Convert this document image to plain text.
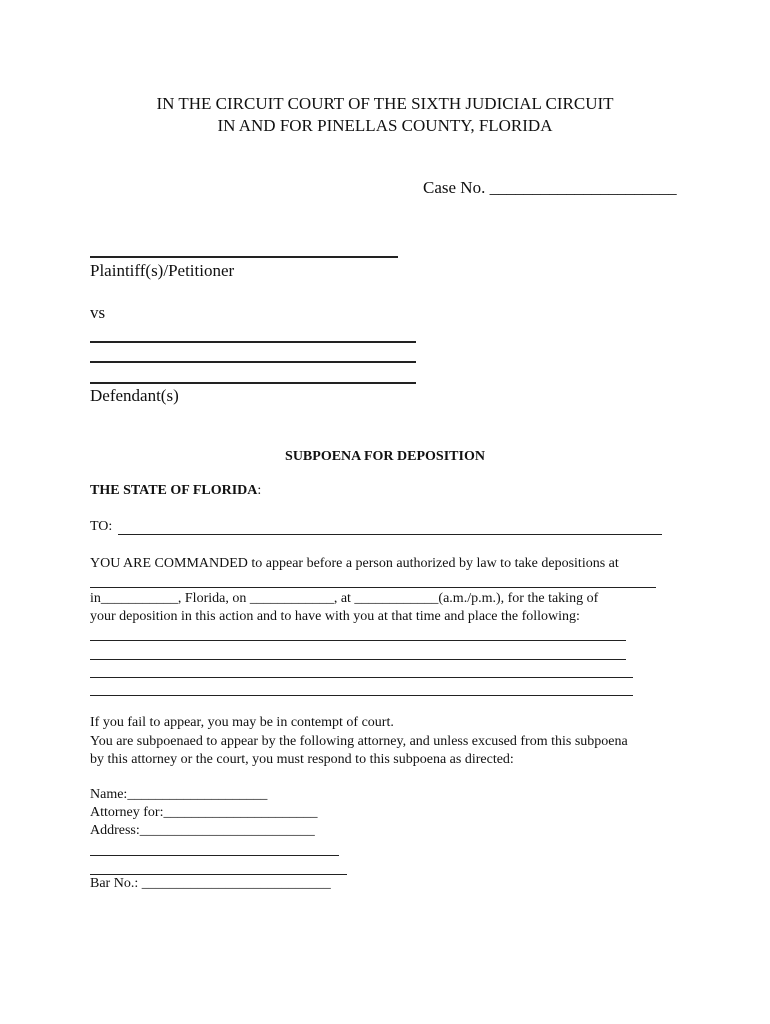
IN THE CIRCUIT COURT OF THE SIXTH JUDICIAL CIRCUIT
IN AND FOR PINELLAS COUNTY, FLORIDA
Case No. ______________________
Plaintiff(s)/Petitioner
vs
Defendant(s)
SUBPOENA FOR DEPOSITION
THE STATE OF FLORIDA:
TO:
YOU ARE COMMANDED to appear before a person authorized by law to take depositions at
in___________, Florida, on ____________, at ____________(a.m./p.m.), for the taking of
your deposition in this action and to have with you at that time and place the following:
If you fail to appear, you may be in contempt of court.
You are subpoenaed to appear by the following attorney, and unless excused from this subpoena
by this attorney or the court, you must respond to this subpoena as directed:
Name:____________________
Attorney for:______________________
Address:_________________________
Bar No.: ___________________________
